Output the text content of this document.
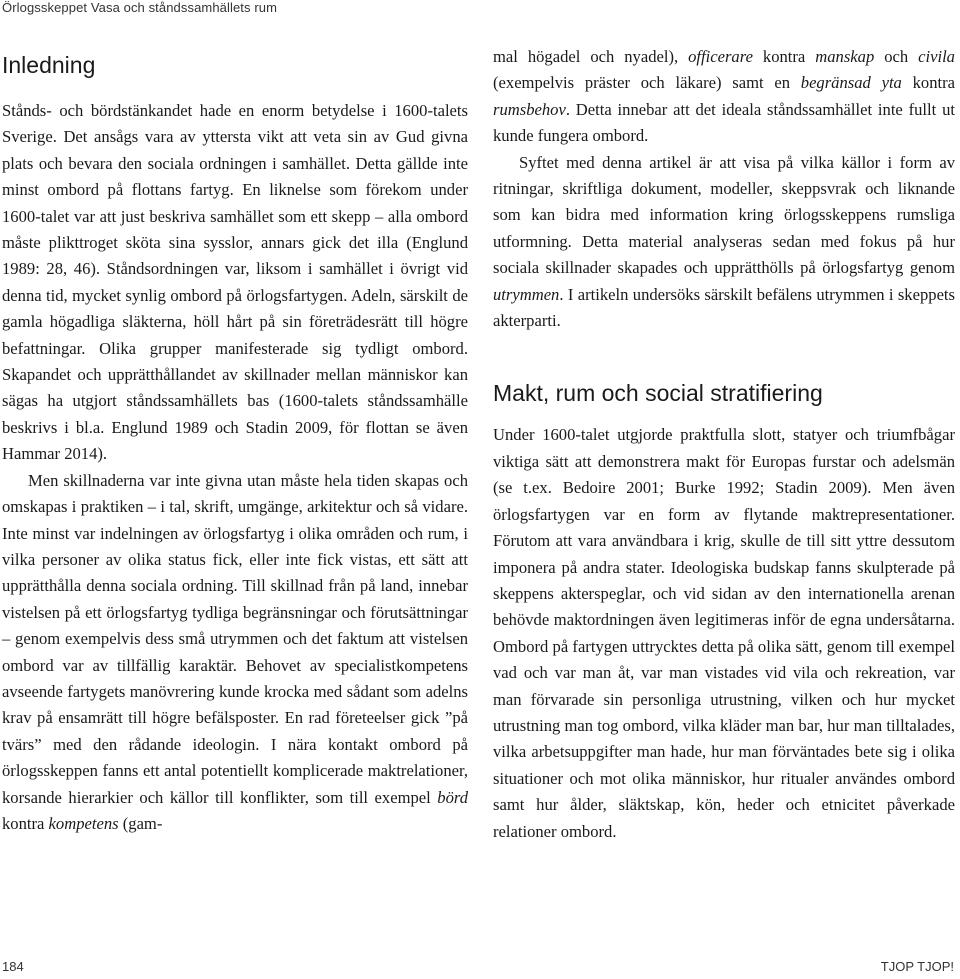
Örlogsskeppet Vasa och ståndssamhällets rum
Inledning

Stånds- och bördstänkandet hade en enorm betydelse i 1600-talets Sverige. Det ansågs vara av yttersta vikt att veta sin av Gud givna plats och bevara den sociala ordningen i samhället. Detta gällde inte minst ombord på flottans fartyg. En liknelse som förekom under 1600-talet var att just beskriva samhället som ett skepp – alla ombord måste plikttroget sköta sina sysslor, annars gick det illa (Englund 1989: 28, 46). Ståndsordningen var, liksom i samhället i övrigt vid denna tid, mycket synlig ombord på örlogsfartygen. Adeln, särskilt de gamla högadliga släkterna, höll hårt på sin företrädesrätt till högre befattningar. Olika grupper manifesterade sig tydligt ombord. Skapandet och upprätthållandet av skillnader mellan människor kan sägas ha utgjort ståndssamhällets bas (1600-talets ståndssamhälle beskrivs i bl.a. Englund 1989 och Stadin 2009, för flottan se även Hammar 2014).

Men skillnaderna var inte givna utan måste hela tiden skapas och omskapas i praktiken – i tal, skrift, umgänge, arkitektur och så vidare. Inte minst var indelningen av örlogsfartyg i olika områden och rum, i vilka personer av olika status fick, eller inte fick vistas, ett sätt att upprätthålla denna sociala ordning. Till skillnad från på land, innebar vistelsen på ett örlogsfartyg tydliga begränsningar och förutsättningar – genom exempelvis dess små utrymmen och det faktum att vistelsen ombord var av tillfällig karaktär. Behovet av specialistkompetens avseende fartygets manövrering kunde krocka med sådant som adelns krav på ensamrätt till högre befälsposter. En rad företeelser gick ”på tvärs” med den rådande ideologin. I nära kontakt ombord på örlogsskeppen fanns ett antal potentiellt komplicerade maktrelationer, korsande hierarkier och källor till konflikter, som till exempel börd kontra kompetens (gam-

mal högadel och nyadel), officerare kontra manskap och civila (exempelvis präster och läkare) samt en begränsad yta kontra rumsbehov. Detta innebar att det ideala ståndssamhället inte fullt ut kunde fungera ombord.

Syftet med denna artikel är att visa på vilka källor i form av ritningar, skriftliga dokument, modeller, skeppsvrak och liknande som kan bidra med information kring örlogsskeppens rumsliga utformning. Detta material analyseras sedan med fokus på hur sociala skillnader skapades och upprätthölls på örlogsfartyg genom utrymmen. I artikeln undersöks särskilt befälens utrymmen i skeppets akterparti.

Makt, rum och social stratifiering

Under 1600-talet utgjorde praktfulla slott, statyer och triumfbågar viktiga sätt att demonstrera makt för Europas furstar och adelsmän (se t.ex. Bedoire 2001; Burke 1992; Stadin 2009). Men även örlogsfartygen var en form av flytande maktrepresentationer. Förutom att vara användbara i krig, skulle de till sitt yttre dessutom imponera på andra stater. Ideologiska budskap fanns skulpterade på skeppens akterspeglar, och vid sidan av den internationella arenan behövde maktordningen även legitimeras inför de egna undersåtarna. Ombord på fartygen uttrycktes detta på olika sätt, genom till exempel vad och var man åt, var man vistades vid vila och rekreation, var man förvarade sin personliga utrustning, vilken och hur mycket utrustning man tog ombord, vilka kläder man bar, hur man tilltalades, vilka arbetsuppgifter man hade, hur man förväntades bete sig i olika situationer och mot olika människor, hur ritualer användes ombord samt hur ålder, släktskap, kön, heder och etnicitet påverkade relationer ombord.

184	TJOP TJOP!
